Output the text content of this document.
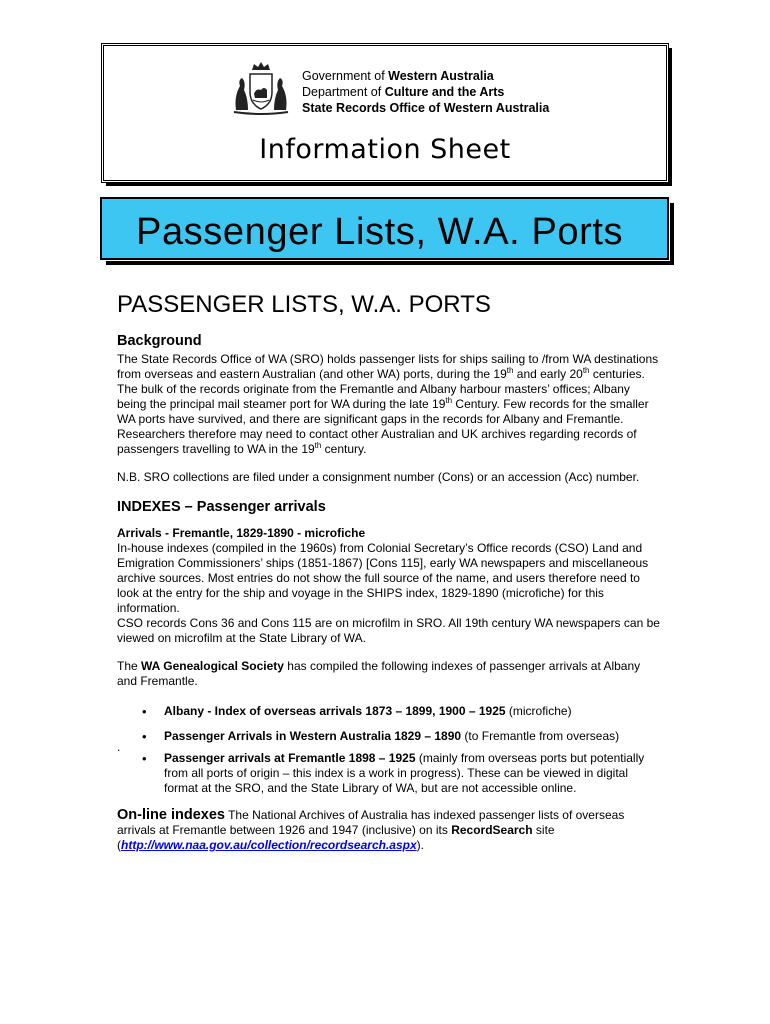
Government of Western Australia
Department of Culture and the Arts
State Records Office of Western Australia
Information Sheet
Passenger Lists, W.A. Ports
PASSENGER LISTS, W.A. PORTS
Background

The State Records Office of WA (SRO) holds passenger lists for ships sailing to /from WA destinations from overseas and eastern Australian (and other WA) ports, during the 19th and early 20th centuries. The bulk of the records originate from the Fremantle and Albany harbour masters’ offices; Albany being the principal mail steamer port for WA during the late 19th Century. Few records for the smaller WA ports have survived, and there are significant gaps in the records for Albany and Fremantle. Researchers therefore may need to contact other Australian and UK archives regarding records of passengers travelling to WA in the 19th century.

N.B. SRO collections are filed under a consignment number (Cons) or an accession (Acc) number.

INDEXES – Passenger arrivals
Arrivals - Fremantle, 1829-1890 - microfiche
In-house indexes (compiled in the 1960s) from Colonial Secretary’s Office records (CSO) Land and Emigration Commissioners’ ships (1851-1867) [Cons 115], early WA newspapers and miscellaneous archive sources. Most entries do not show the full source of the name, and users therefore need to look at the entry for the ship and voyage in the SHIPS index, 1829-1890 (microfiche) for this information.

CSO records Cons 36 and Cons 115 are on microfilm in SRO. All 19th century WA newspapers can be viewed on microfilm at the State Library of WA.

The WA Genealogical Society has compiled the following indexes of passenger arrivals at Albany and Fremantle.

• Albany - Index of overseas arrivals 1873 – 1899, 1900 – 1925 (microfiche)
• Passenger Arrivals in Western Australia 1829 – 1890 (to Fremantle from overseas)
• Passenger arrivals at Fremantle 1898 – 1925 (mainly from overseas ports but potentially from all ports of origin – this index is a work in progress). These can be viewed in digital format at the SRO, and the State Library of WA, but are not accessible online.

On-line indexes The National Archives of Australia has indexed passenger lists of overseas arrivals at Fremantle between 1926 and 1947 (inclusive) on its RecordSearch site (http://www.naa.gov.au/collection/recordsearch.aspx).

.
